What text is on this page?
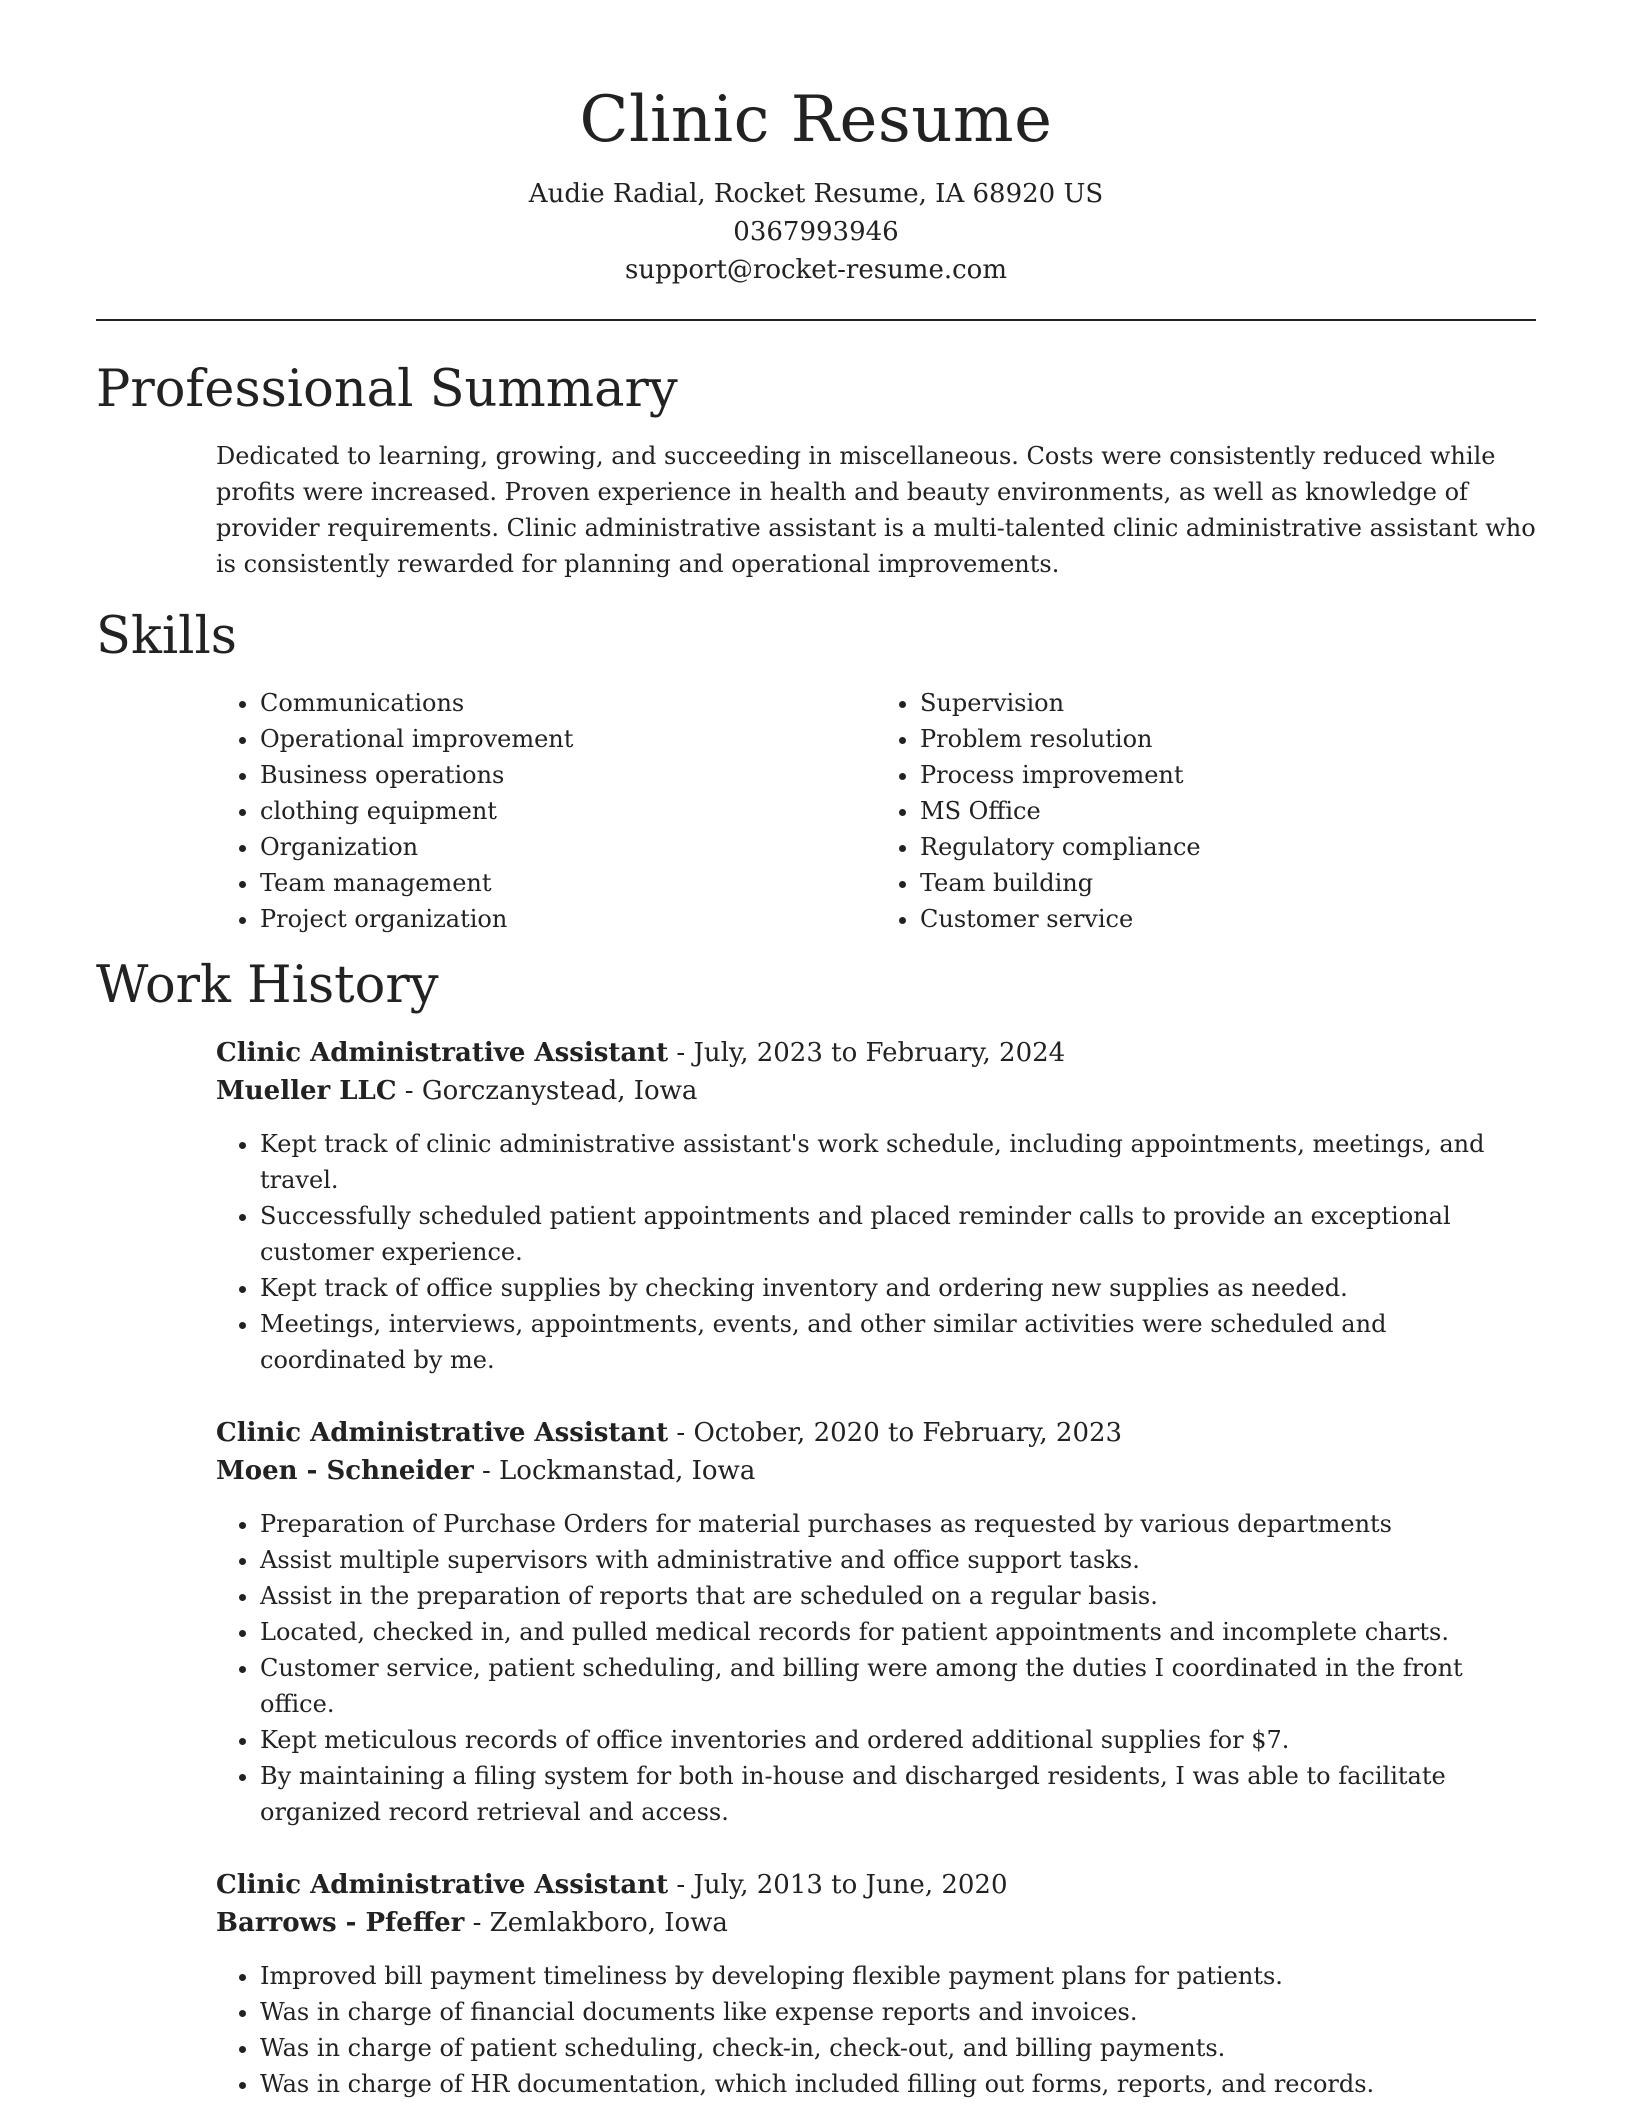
Clinic Resume
Audie Radial, Rocket Resume, IA 68920 US
0367993946
support@rocket-resume.com
Professional Summary

Dedicated to learning, growing, and succeeding in miscellaneous. Costs were consistently reduced while profits were increased. Proven experience in health and beauty environments, as well as knowledge of provider requirements. Clinic administrative assistant is a multi-talented clinic administrative assistant who is consistently rewarded for planning and operational improvements.

Skills
• Communications
• Operational improvement
• Business operations
• clothing equipment
• Organization
• Team management
• Project organization
• Supervision
• Problem resolution
• Process improvement
• MS Office
• Regulatory compliance
• Team building
• Customer service
Work History
Clinic Administrative Assistant - July, 2023 to February, 2024
Mueller LLC - Gorczanystead, Iowa
• Kept track of clinic administrative assistant's work schedule, including appointments, meetings, and travel.
• Successfully scheduled patient appointments and placed reminder calls to provide an exceptional customer experience.
• Kept track of office supplies by checking inventory and ordering new supplies as needed.
• Meetings, interviews, appointments, events, and other similar activities were scheduled and coordinated by me.
Clinic Administrative Assistant - October, 2020 to February, 2023
Moen - Schneider - Lockmanstad, Iowa
• Preparation of Purchase Orders for material purchases as requested by various departments
• Assist multiple supervisors with administrative and office support tasks.
• Assist in the preparation of reports that are scheduled on a regular basis.
• Located, checked in, and pulled medical records for patient appointments and incomplete charts.
• Customer service, patient scheduling, and billing were among the duties I coordinated in the front office.
• Kept meticulous records of office inventories and ordered additional supplies for $7.
• By maintaining a filing system for both in-house and discharged residents, I was able to facilitate organized record retrieval and access.
Clinic Administrative Assistant - July, 2013 to June, 2020
Barrows - Pfeffer - Zemlakboro, Iowa
• Improved bill payment timeliness by developing flexible payment plans for patients.
• Was in charge of financial documents like expense reports and invoices.
• Was in charge of patient scheduling, check-in, check-out, and billing payments.
• Was in charge of HR documentation, which included filling out forms, reports, and records.
